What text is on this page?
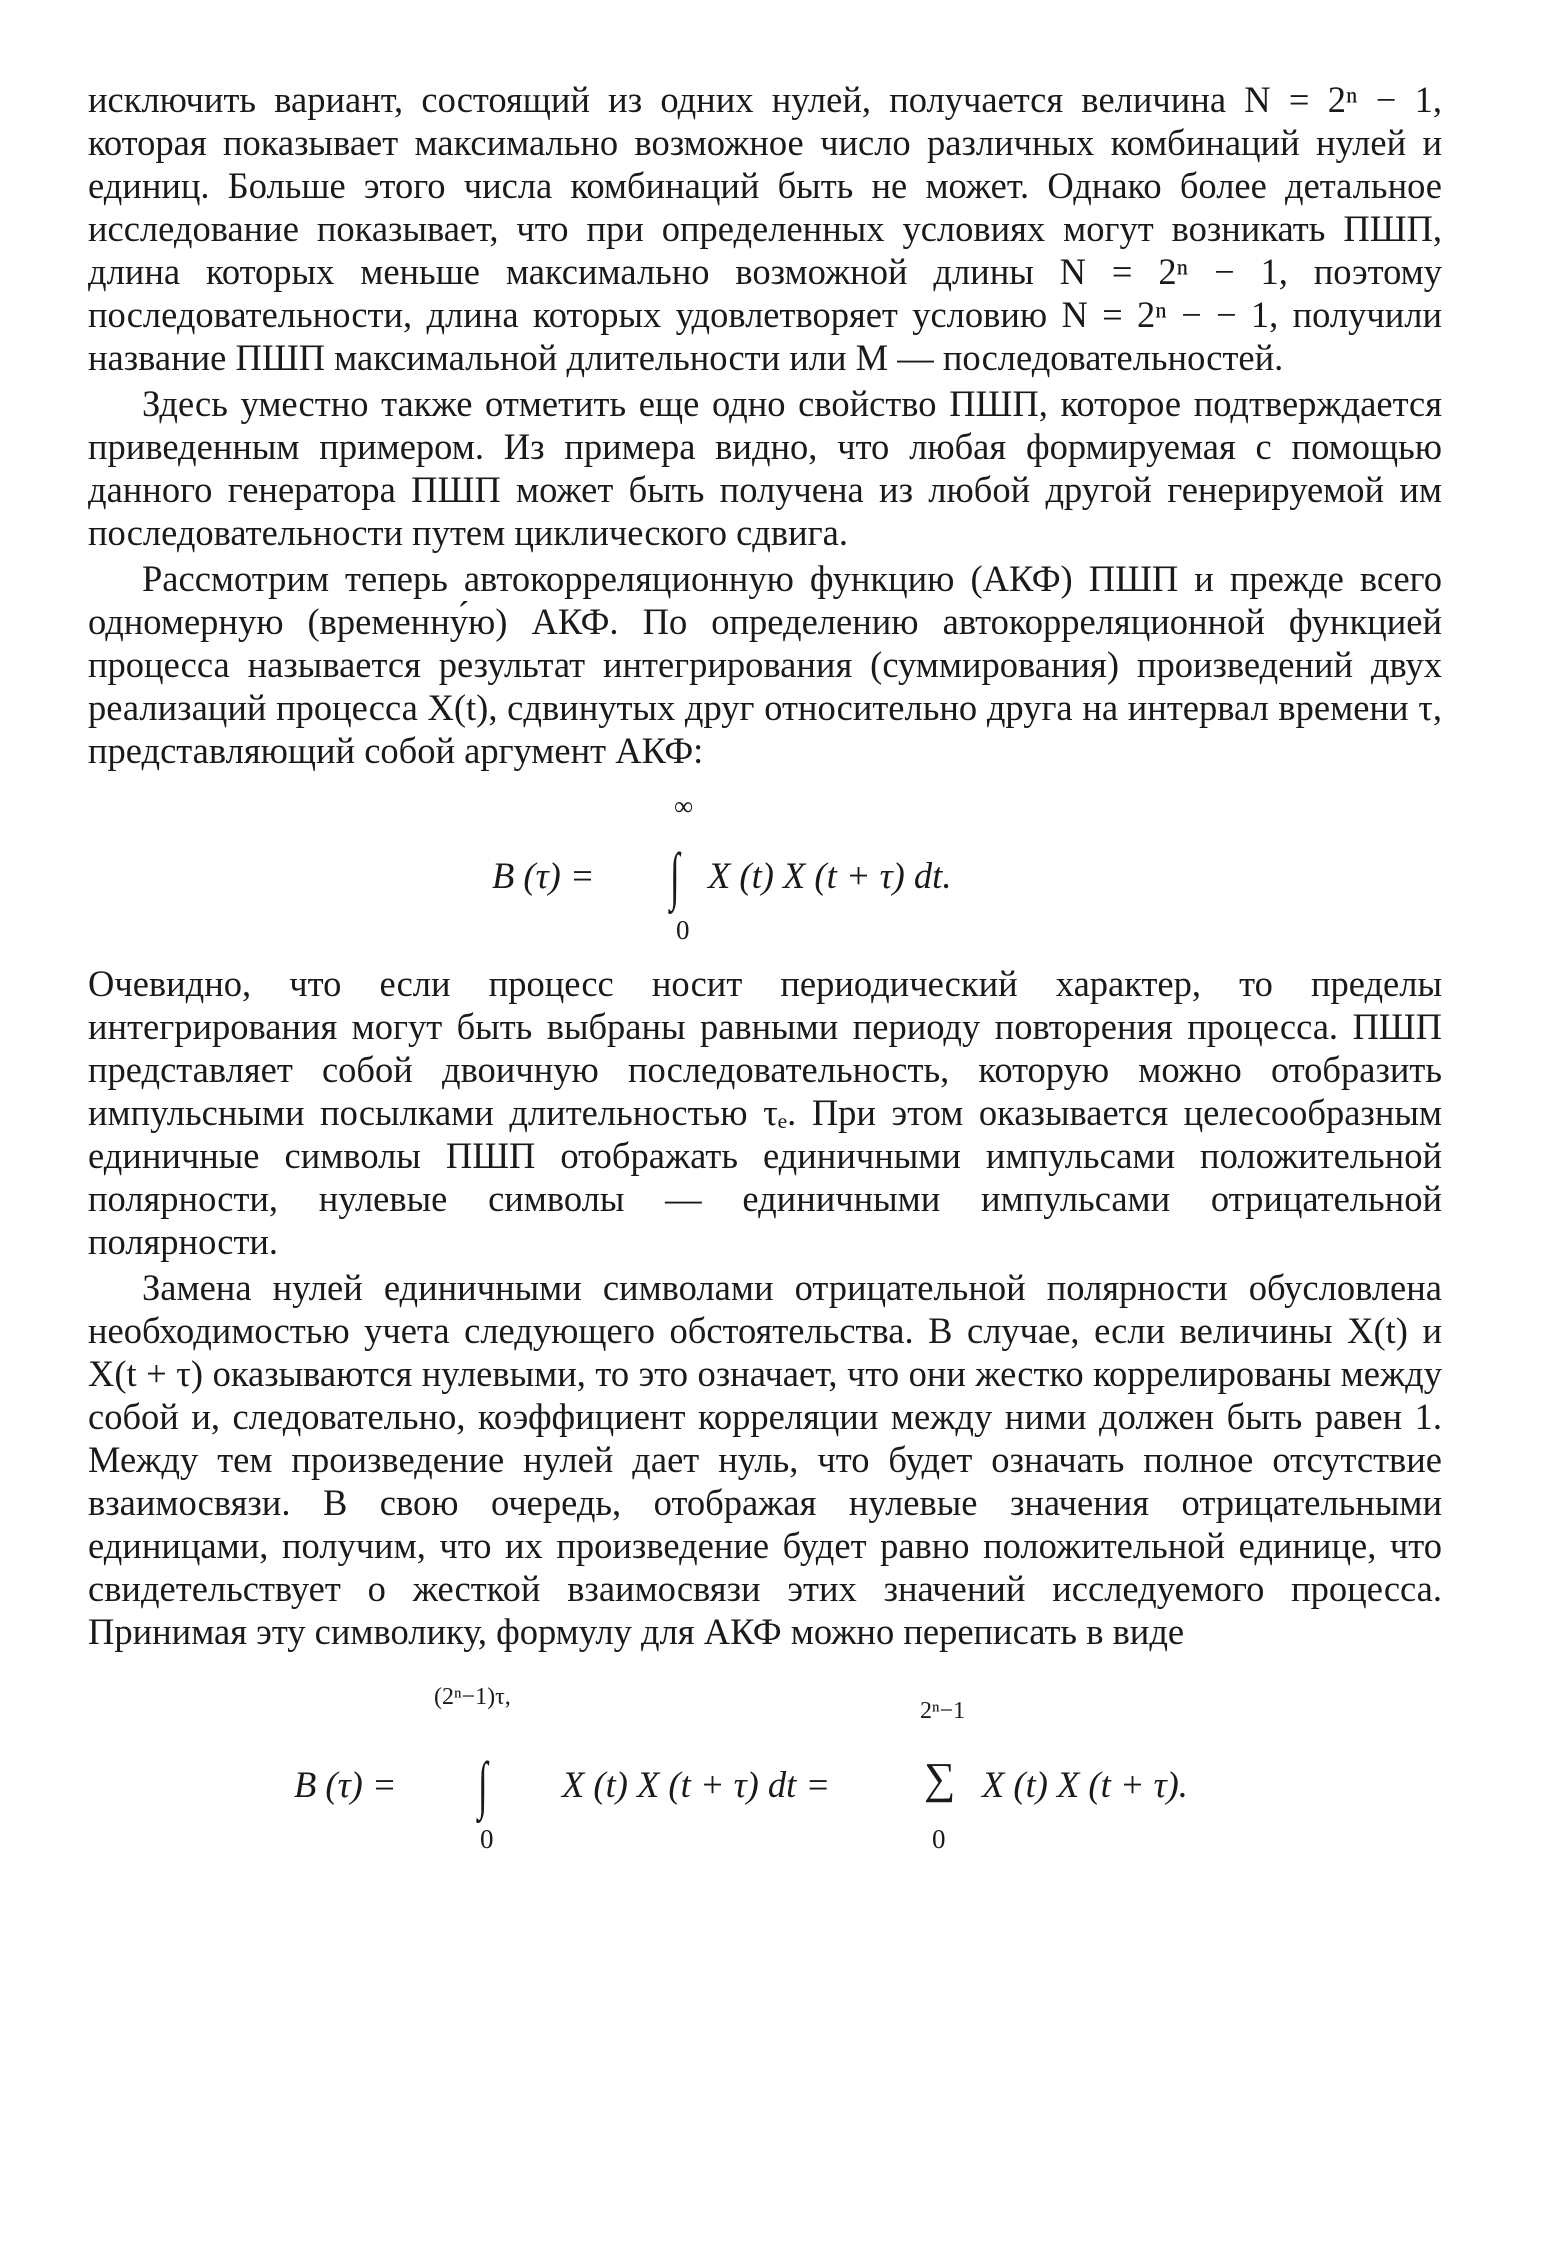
исключить вариант, состоящий из одних нулей, получается величина N = 2ⁿ − 1, которая показывает максимально возможное число различных комбинаций нулей и единиц. Больше этого числа комбинаций быть не может. Однако более детальное исследование показывает, что при определенных условиях могут возникать ПШП, длина которых меньше максимально возможной длины N = 2ⁿ − 1, поэтому последовательности, длина которых удовлетворяет условию N = 2ⁿ − − 1, получили название ПШП максимальной длительности или M — последовательностей.

Здесь уместно также отметить еще одно свойство ПШП, которое подтверждается приведенным примером. Из примера видно, что любая формируемая с помощью данного генератора ПШП может быть получена из любой другой генерируемой им последовательности путем циклического сдвига.

Рассмотрим теперь автокорреляционную функцию (АКФ) ПШП и прежде всего одномерную (временну́ю) АКФ. По определению автокорреляционной функцией процесса называется результат интегрирования (суммирования) произведений двух реализаций процесса X(t), сдвинутых друг относительно друга на интервал времени τ, представляющий собой аргумент АКФ:

B (τ) =
∞
∫
0
X (t) X (t + τ) dt.

Очевидно, что если процесс носит периодический характер, то пределы интегрирования могут быть выбраны равными периоду повторения процесса. ПШП представляет собой двоичную последовательность, которую можно отобразить импульсными посылками длительностью τₑ. При этом оказывается целесообразным единичные символы ПШП отображать единичными импульсами положительной полярности, нулевые символы — единичными импульсами отрицательной полярности.

Замена нулей единичными символами отрицательной полярности обусловлена необходимостью учета следующего обстоятельства. В случае, если величины X(t) и X(t + τ) оказываются нулевыми, то это означает, что они жестко коррелированы между собой и, следовательно, коэффициент корреляции между ними должен быть равен 1. Между тем произведение нулей дает нуль, что будет означать полное отсутствие взаимосвязи. В свою очередь, отображая нулевые значения отрицательными единицами, получим, что их произведение будет равно положительной единице, что свидетельствует о жесткой взаимосвязи этих значений исследуемого процесса. Принимая эту символику, формулу для АКФ можно переписать в виде

B (τ) =
(2ⁿ−1)τ,
∫
0
X (t) X (t + τ) dt =
2ⁿ−1
∑
0
X (t) X (t + τ).
